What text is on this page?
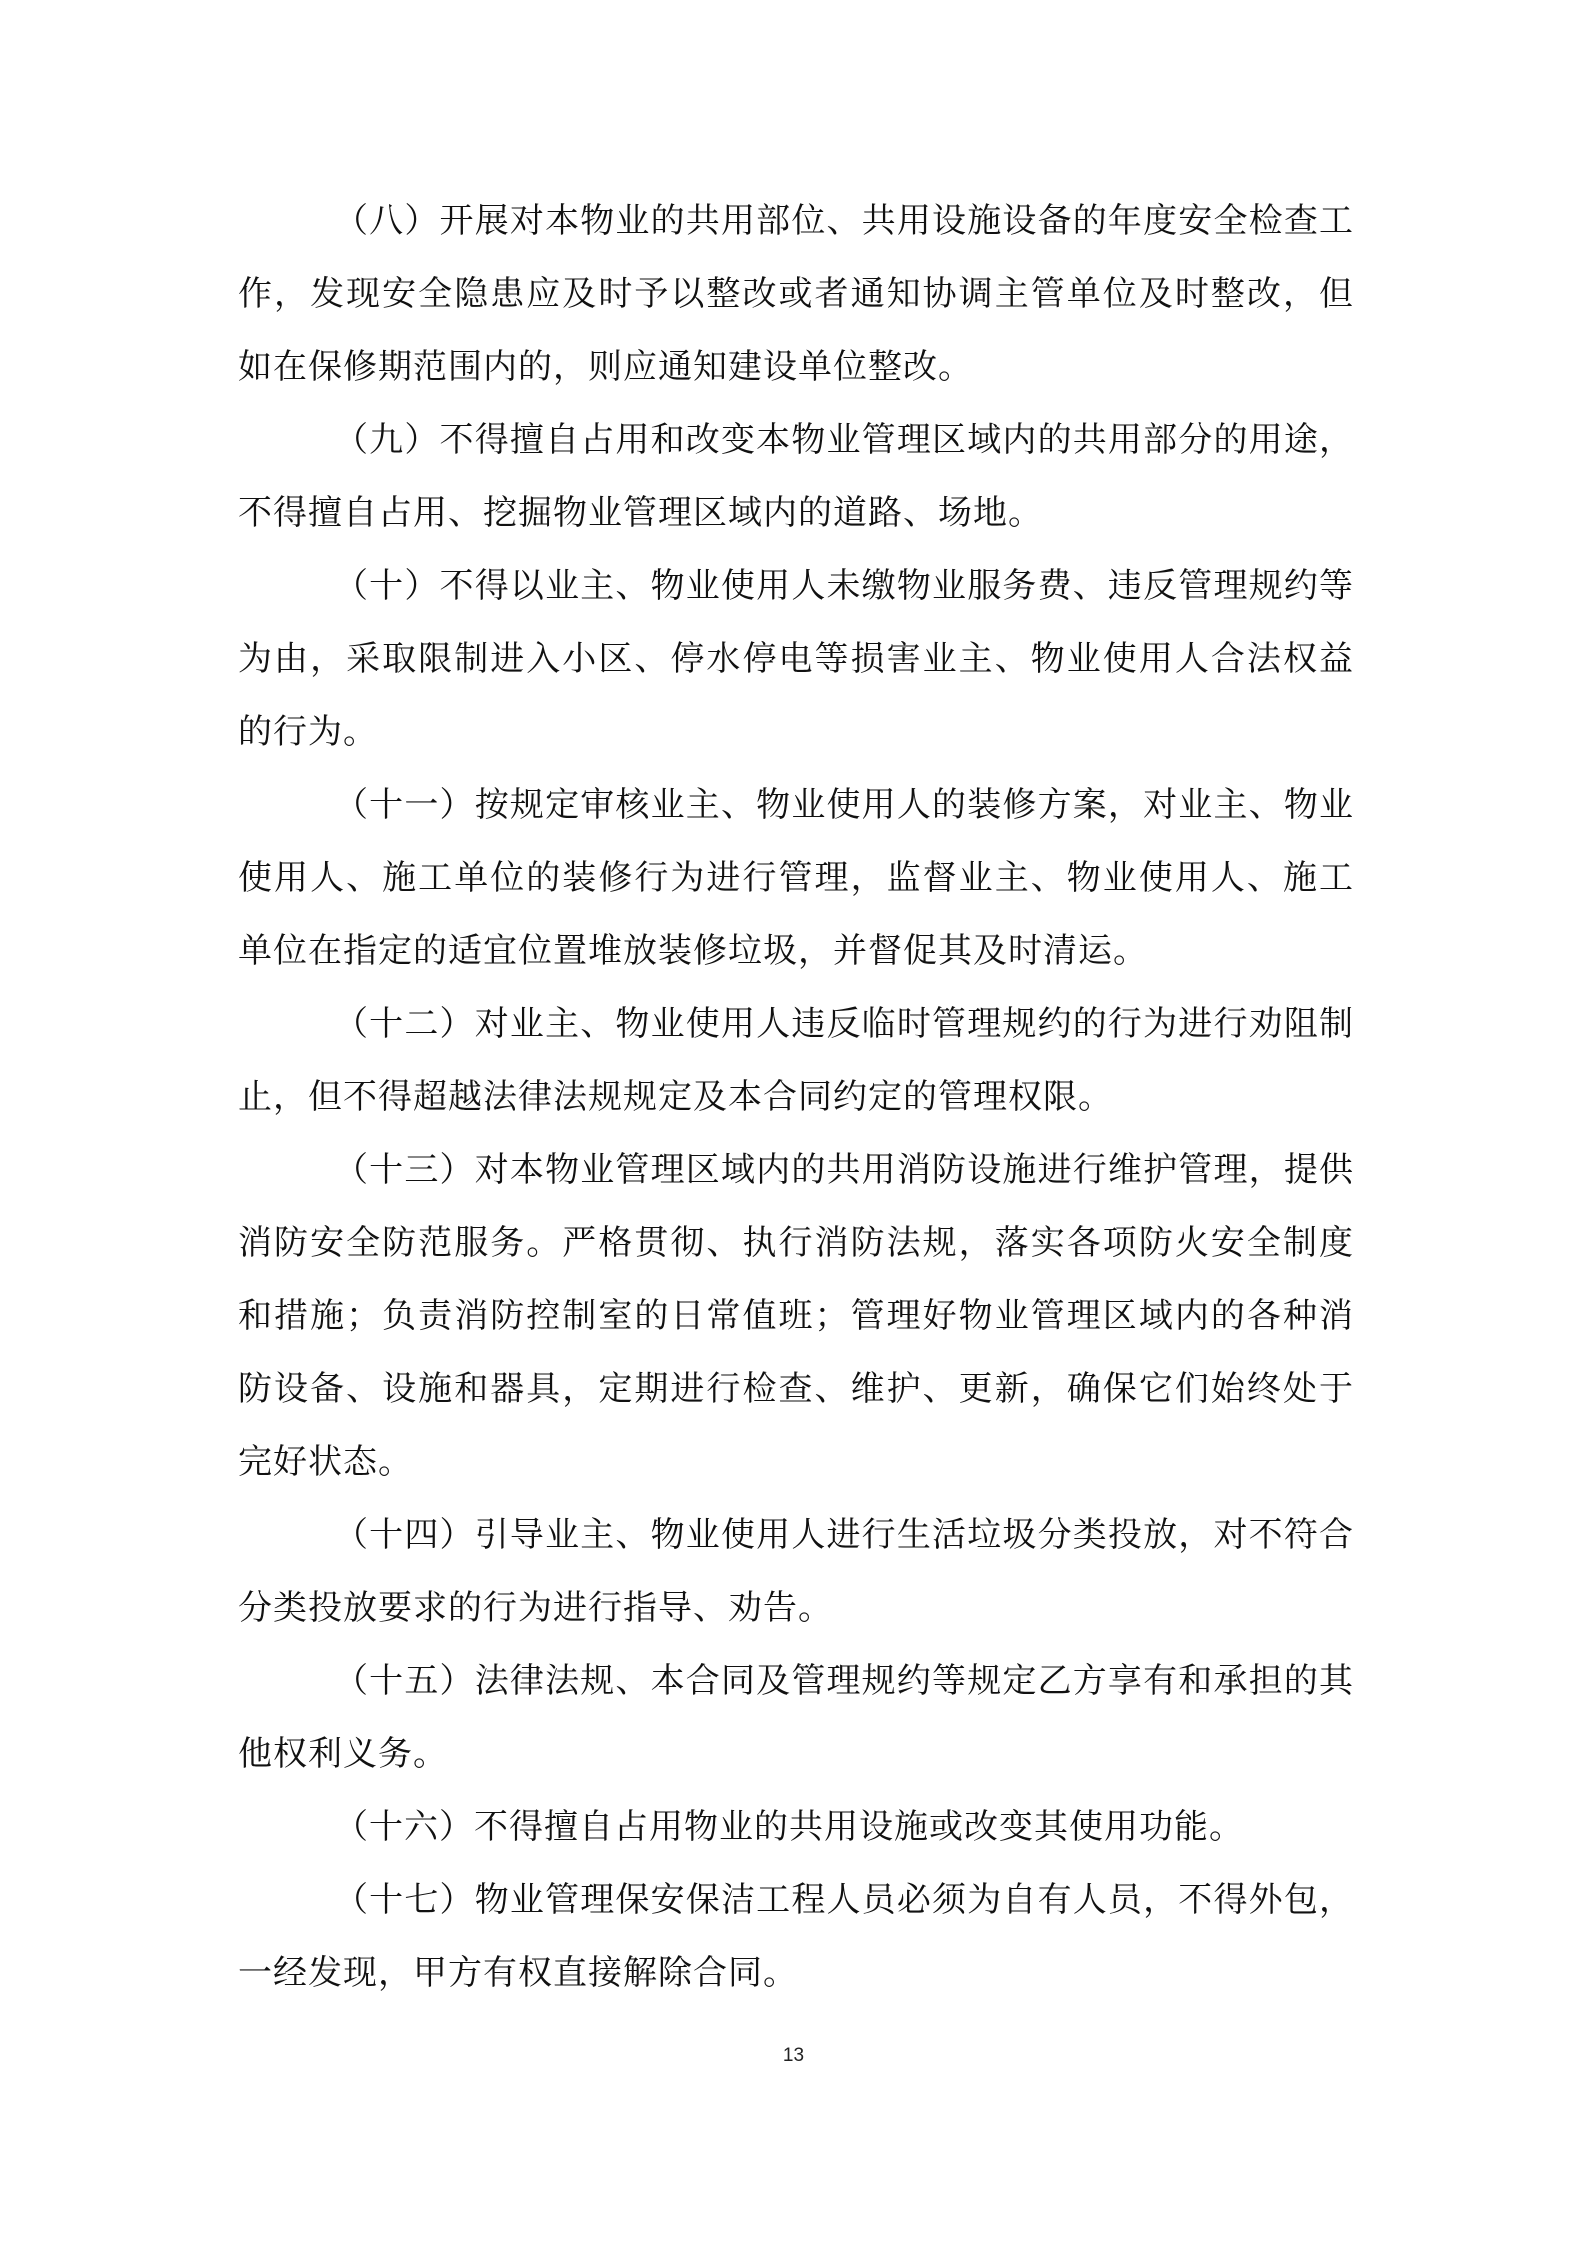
（八）开展对本物业的共用部位、共用设施设备的年度安全检查工作，发现安全隐患应及时予以整改或者通知协调主管单位及时整改，但如在保修期范围内的，则应通知建设单位整改。

（九）不得擅自占用和改变本物业管理区域内的共用部分的用途，不得擅自占用、挖掘物业管理区域内的道路、场地。

（十）不得以业主、物业使用人未缴物业服务费、违反管理规约等为由，采取限制进入小区、停水停电等损害业主、物业使用人合法权益的行为。

（十一）按规定审核业主、物业使用人的装修方案，对业主、物业使用人、施工单位的装修行为进行管理，监督业主、物业使用人、施工单位在指定的适宜位置堆放装修垃圾，并督促其及时清运。

（十二）对业主、物业使用人违反临时管理规约的行为进行劝阻制止，但不得超越法律法规规定及本合同约定的管理权限。

（十三）对本物业管理区域内的共用消防设施进行维护管理，提供消防安全防范服务。严格贯彻、执行消防法规，落实各项防火安全制度和措施；负责消防控制室的日常值班；管理好物业管理区域内的各种消防设备、设施和器具，定期进行检查、维护、更新，确保它们始终处于完好状态。

（十四）引导业主、物业使用人进行生活垃圾分类投放，对不符合分类投放要求的行为进行指导、劝告。

（十五）法律法规、本合同及管理规约等规定乙方享有和承担的其他权利义务。

（十六）不得擅自占用物业的共用设施或改变其使用功能。

（十七）物业管理保安保洁工程人员必须为自有人员，不得外包，一经发现，甲方有权直接解除合同。

13
